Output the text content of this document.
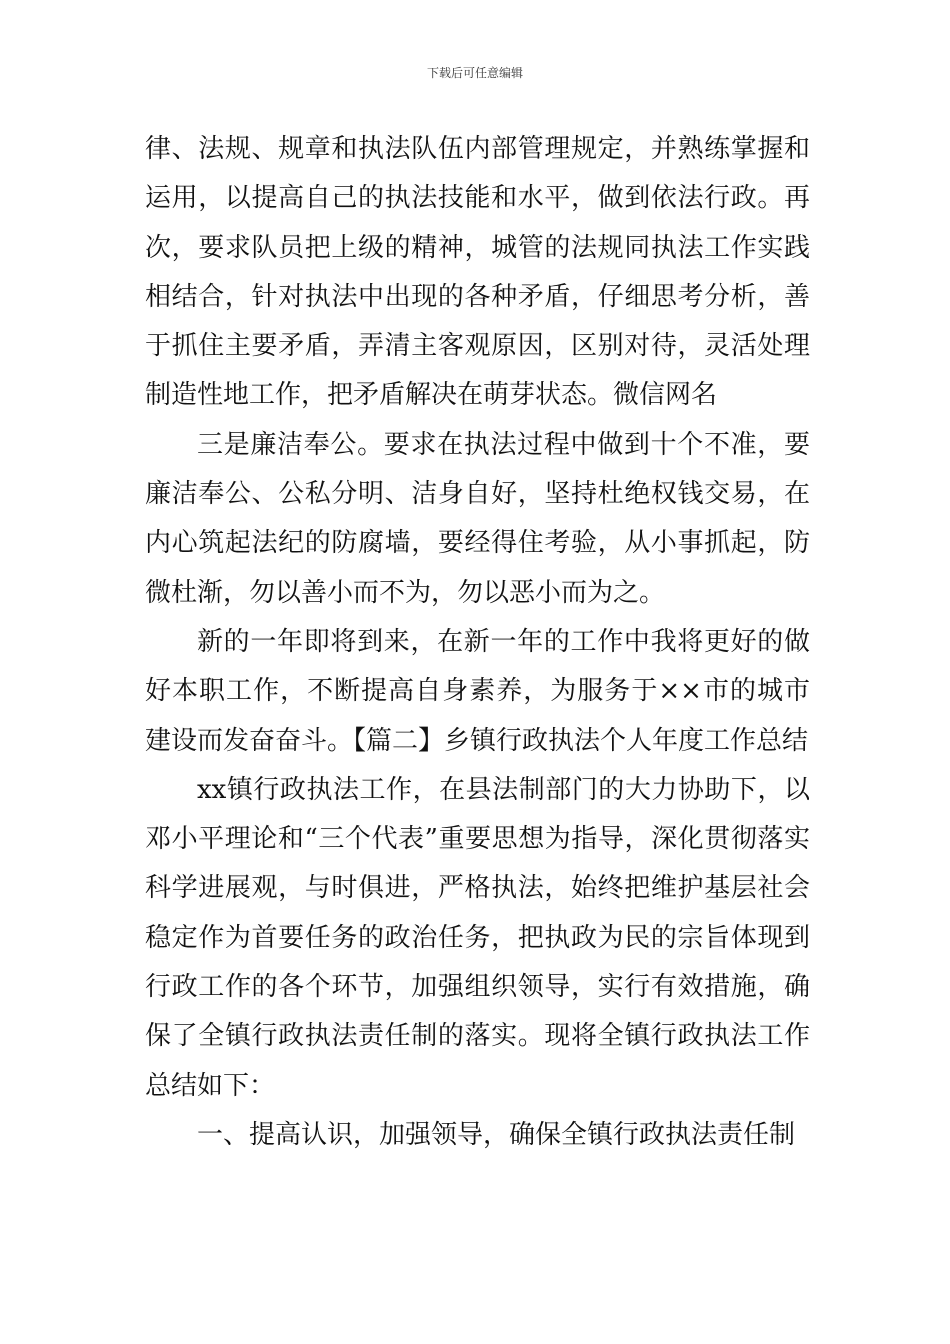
下载后可任意编辑

律、法规、规章和执法队伍内部管理规定，并熟练掌握和运用，以提高自己的执法技能和水平，做到依法行政。再次，要求队员把上级的精神，城管的法规同执法工作实践相结合，针对执法中出现的各种矛盾，仔细思考分析，善于抓住主要矛盾，弄清主客观原因，区别对待，灵活处理制造性地工作，把矛盾解决在萌芽状态。微信网名

三是廉洁奉公。要求在执法过程中做到十个不准，要廉洁奉公、公私分明、洁身自好，坚持杜绝权钱交易，在内心筑起法纪的防腐墙，要经得住考验，从小事抓起，防微杜渐，勿以善小而不为，勿以恶小而为之。

新的一年即将到来，在新一年的工作中我将更好的做好本职工作，不断提高自身素养，为服务于××市的城市建设而发奋奋斗。【篇二】乡镇行政执法个人年度工作总结

xx镇行政执法工作，在县法制部门的大力协助下，以邓小平理论和“三个代表”重要思想为指导，深化贯彻落实科学进展观，与时俱进，严格执法，始终把维护基层社会稳定作为首要任务的政治任务，把执政为民的宗旨体现到行政工作的各个环节，加强组织领导，实行有效措施，确保了全镇行政执法责任制的落实。现将全镇行政执法工作总结如下：

一、提高认识，加强领导，确保全镇行政执法责任制
